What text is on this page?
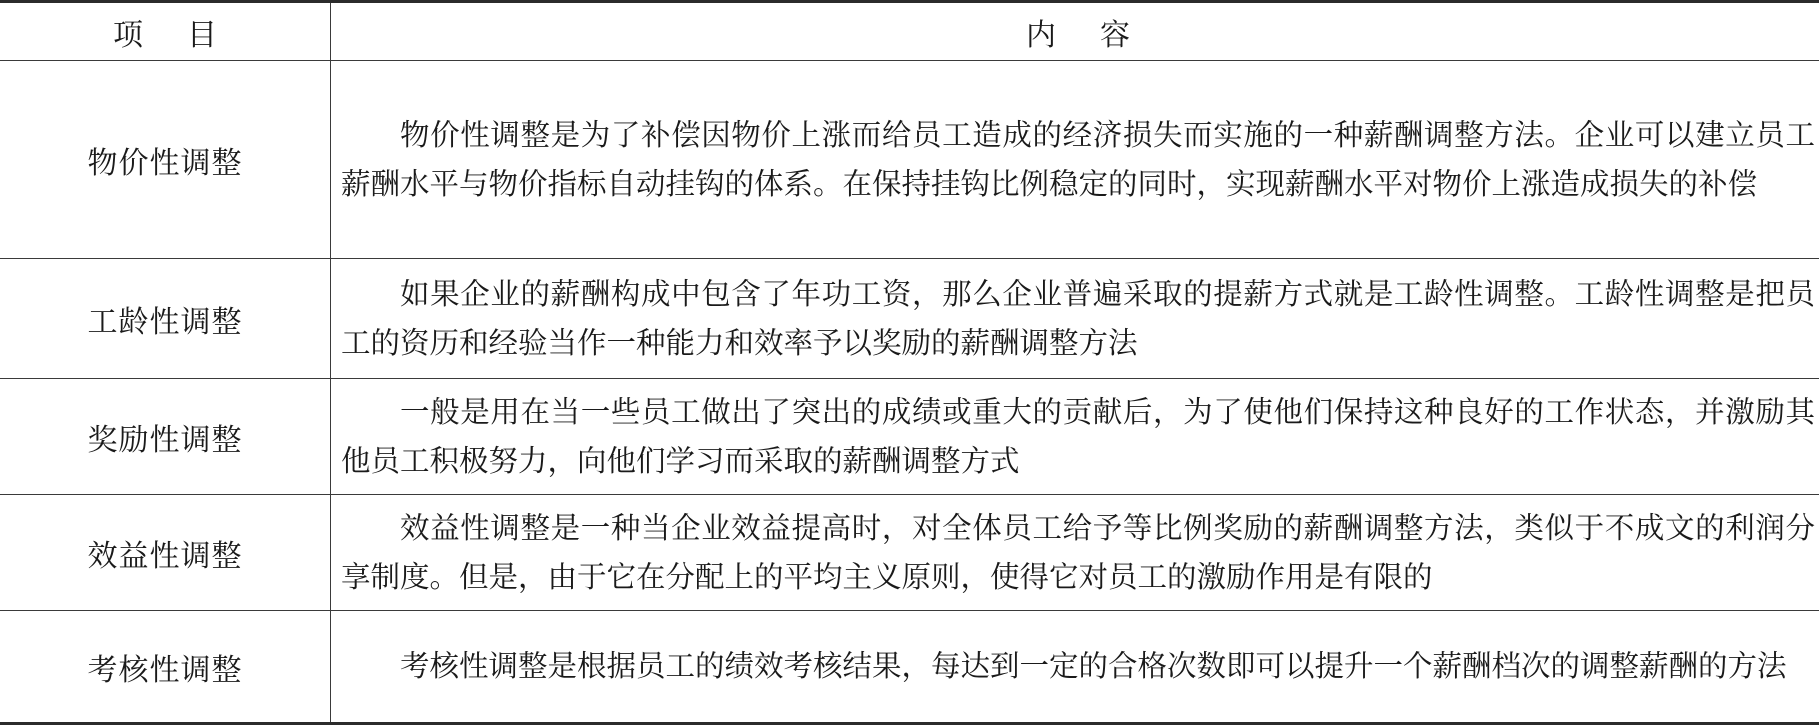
项目	内容
物价性调整

物价性调整是为了补偿因物价上涨而给员工造成的经济损失而实施的一种薪酬调整方法。企业可以建立员工薪酬水平与物价指标自动挂钩的体系。在保持挂钩比例稳定的同时，实现薪酬水平对物价上涨造成损失的补偿

工龄性调整

如果企业的薪酬构成中包含了年功工资，那么企业普遍采取的提薪方式就是工龄性调整。工龄性调整是把员工的资历和经验当作一种能力和效率予以奖励的薪酬调整方法

奖励性调整

一般是用在当一些员工做出了突出的成绩或重大的贡献后，为了使他们保持这种良好的工作状态，并激励其他员工积极努力，向他们学习而采取的薪酬调整方式

效益性调整

效益性调整是一种当企业效益提高时，对全体员工给予等比例奖励的薪酬调整方法，类似于不成文的利润分享制度。但是，由于它在分配上的平均主义原则，使得它对员工的激励作用是有限的

考核性调整	考核性调整是根据员工的绩效考核结果，每达到一定的合格次数即可以提升一个薪酬档次的调整薪酬的方法
